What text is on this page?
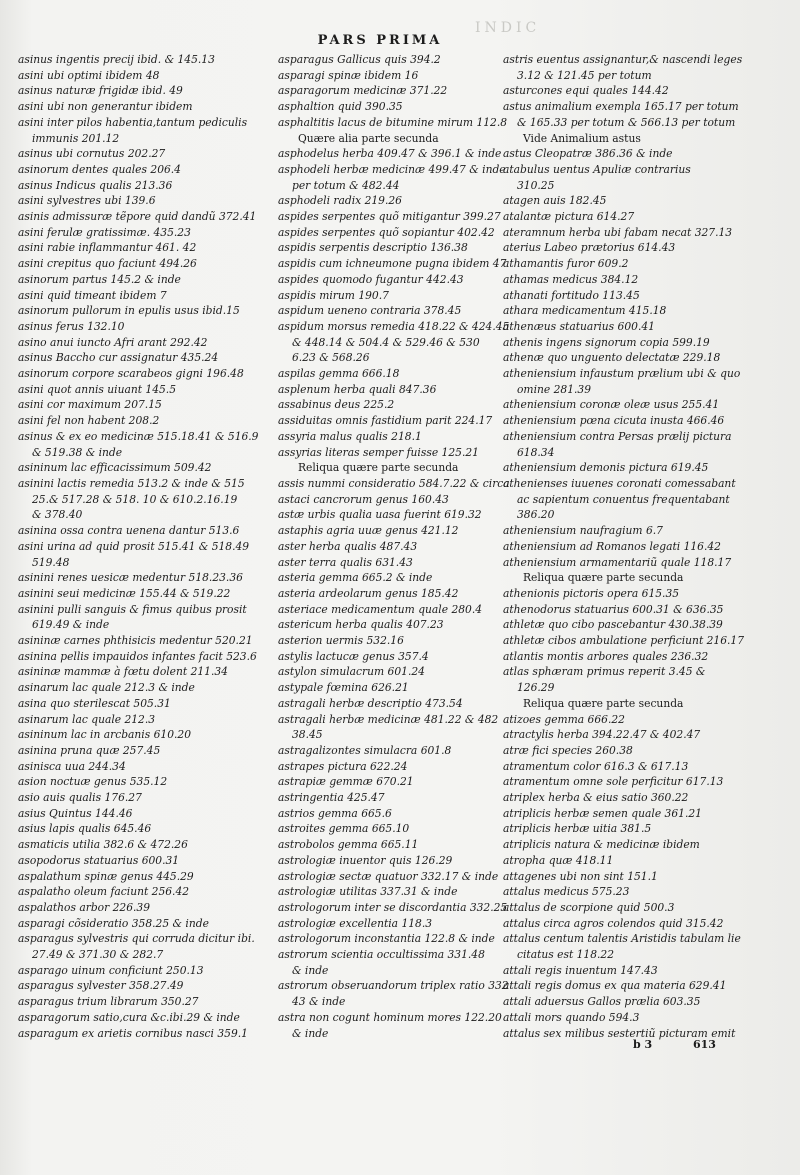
INDIC
PARS PRIMA
asinus ingentis precij ibid. & 145.13
asini ubi optimi ibidem 48
asinus naturæ frigidæ ibid. 49
asini ubi non generantur ibidem
asini inter pilos habentia,tantum pediculis
immunis 201.12
asinus ubi cornutus 202.27
asinorum dentes quales 206.4
asinus Indicus qualis 213.36
asini sylvestres ubi 139.6
asinis admissuræ tẽpore quid dandũ 372.41
asini ferulæ gratissimæ. 435.23
asini rabie inflammantur 461. 42
asini crepitus quo faciunt 494.26
asinorum partus 145.2 & inde
asini quid timeant ibidem 7
asinorum pullorum in epulis usus ibid.15
asinus ferus 132.10
asino anui iuncto Afri arant 292.42
asinus Baccho cur assignatur 435.24
asinorum corpore scarabeos gigni 196.48
asini quot annis uiuant 145.5
asini cor maximum 207.15
asini fel non habent 208.2
asinus & ex eo medicinæ 515.18.41 & 516.9
& 519.38 & inde
asininum lac efficacissimum 509.42
asinini lactis remedia 513.2 & inde & 515
25.& 517.28 & 518. 10 & 610.2.16.19
& 378.40
asinina ossa contra uenena dantur 513.6
asini urina ad quid prosit 515.41 & 518.49
519.48
asinini renes uesicæ medentur 518.23.36
asinini seui medicinæ 155.44 & 519.22
asinini pulli sanguis & fimus quibus prosit
619.49 & inde
asininæ carnes phthisicis medentur 520.21
asinina pellis impauidos infantes facit 523.6
asininæ mammæ à fœtu dolent 211.34
asinarum lac quale 212.3 & inde
asina quo sterilescat 505.31
asinarum lac quale 212.3
asininum lac in arcbanis 610.20
asinina pruna quæ 257.45
asinisca uua 244.34
asion noctuæ genus 535.12
asio auis qualis 176.27
asius Quintus 144.46
asius lapis qualis 645.46
asmaticis utilia 382.6 & 472.26
asopodorus statuarius 600.31
aspalathum spinæ genus 445.29
aspalatho oleum faciunt 256.42
aspalathos arbor 226.39
asparagi cõsideratio 358.25 & inde
asparagus sylvestris qui corruda dicitur ibi.
27.49 & 371.30 & 282.7
asparago uinum conficiunt 250.13
asparagus sylvester 358.27.49
asparagus trium librarum 350.27
asparagorum satio,cura &c.ibi.29 & inde
asparagum ex arietis cornibus nasci 359.1
asparagus Gallicus quis 394.2
asparagi spinæ ibidem 16
asparagorum medicinæ 371.22
asphaltion quid 390.35
asphaltitis lacus de bitumine mirum 112.8
Quære alia parte secunda
asphodelus herba 409.47 & 396.1 & inde
asphodeli herbæ medicinæ 499.47 & inde
per totum & 482.44
asphodeli radix 219.26
aspides serpentes quõ mitigantur 399.27
aspides serpentes quõ sopiantur 402.42
aspidis serpentis descriptio 136.38
aspidis cum ichneumone pugna ibidem 47
aspides quomodo fugantur 442.43
aspidis mirum 190.7
aspidum ueneno contraria 378.45
aspidum morsus remedia 418.22 & 424.45
& 448.14 & 504.4 & 529.46 & 530
6.23 & 568.26
aspilas gemma 666.18
asplenum herba quali 847.36
assabinus deus 225.2
assiduitas omnis fastidium parit 224.17
assyria malus qualis 218.1
assyrias literas semper fuisse 125.21
Reliqua quære parte secunda
assis nummi consideratio 584.7.22 & circa
astaci cancrorum genus 160.43
astæ urbis qualia uasa fuerint 619.32
astaphis agria uuæ genus 421.12
aster herba qualis 487.43
aster terra qualis 631.43
asteria gemma 665.2 & inde
asteria ardeolarum genus 185.42
asteriace medicamentum quale 280.4
astericum herba qualis 407.23
asterion uermis 532.16
astylis lactucæ genus 357.4
astylon simulacrum 601.24
astypale fœmina 626.21
astragali herbæ descriptio 473.54
astragali herbæ medicinæ 481.22 & 482
38.45
astragalizontes simulacra 601.8
astrapes pictura 622.24
astrapiæ gemmæ 670.21
astringentia 425.47
astrios gemma 665.6
astroites gemma 665.10
astrobolos gemma 665.11
astrologiæ inuentor quis 126.29
astrologiæ sectæ quatuor 332.17 & inde
astrologiæ utilitas 337.31 & inde
astrologorum inter se discordantia 332.25
astrologiæ excellentia 118.3
astrologorum inconstantia 122.8 & inde
astrorum scientia occultissima 331.48
& inde
astrorum obseruandorum triplex ratio 332
43 & inde
astra non cogunt hominum mores 122.20
& inde
astris euentus assignantur,& nascendi leges
3.12 & 121.45 per totum
asturcones equi quales 144.42
astus animalium exempla 165.17 per totum
& 165.33 per totum & 566.13 per totum
Vide Animalium astus
astus Cleopatræ 386.36 & inde
atabulus uentus Apuliæ contrarius
310.25
atagen auis 182.45
atalantæ pictura 614.27
ateramnum herba ubi fabam necat 327.13
aterius Labeo prætorius 614.43
athamantis furor 609.2
athamas medicus 384.12
athanati fortitudo 113.45
athara medicamentum 415.18
athenæus statuarius 600.41
athenis ingens signorum copia 599.19
athenæ quo unguento delectatæ 229.18
atheniensium infaustum prælium ubi & quo
omine 281.39
atheniensium coronæ oleæ usus 255.41
atheniensium pœna cicuta inusta 466.46
atheniensium contra Persas prælij pictura
618.34
atheniensium demonis pictura 619.45
athenienses iuuenes coronati comessabant
ac sapientum conuentus frequentabant
386.20
atheniensium naufragium 6.7
atheniensium ad Romanos legati 116.42
atheniensium armamentariũ quale 118.17
Reliqua quære parte secunda
athenionis pictoris opera 615.35
athenodorus statuarius 600.31 & 636.35
athletæ quo cibo pascebantur 430.38.39
athletæ cibos ambulatione perficiunt 216.17
atlantis montis arbores quales 236.32
atlas sphæram primus reperit 3.45 &
126.29
Reliqua quære parte secunda
atizoes gemma 666.22
atractylis herba 394.22.47 & 402.47
atræ fici species 260.38
atramentum color 616.3 & 617.13
atramentum omne sole perficitur 617.13
atriplex herba & eius satio 360.22
atriplicis herbæ semen quale 361.21
atriplicis herbæ uitia 381.5
atriplicis natura & medicinæ ibidem
atropha quæ 418.11
attagenes ubi non sint 151.1
attalus medicus 575.23
attalus de scorpione quid 500.3
attalus circa agros colendos quid 315.42
attalus centum talentis Aristidis tabulam lie
citatus est 118.22
attali regis inuentum 147.43
attali regis domus ex qua materia 629.41
attali aduersus Gallos prælia 603.35
attali mors quando 594.3
attalus sex milibus sestertiũ picturam emit
b 3	613
